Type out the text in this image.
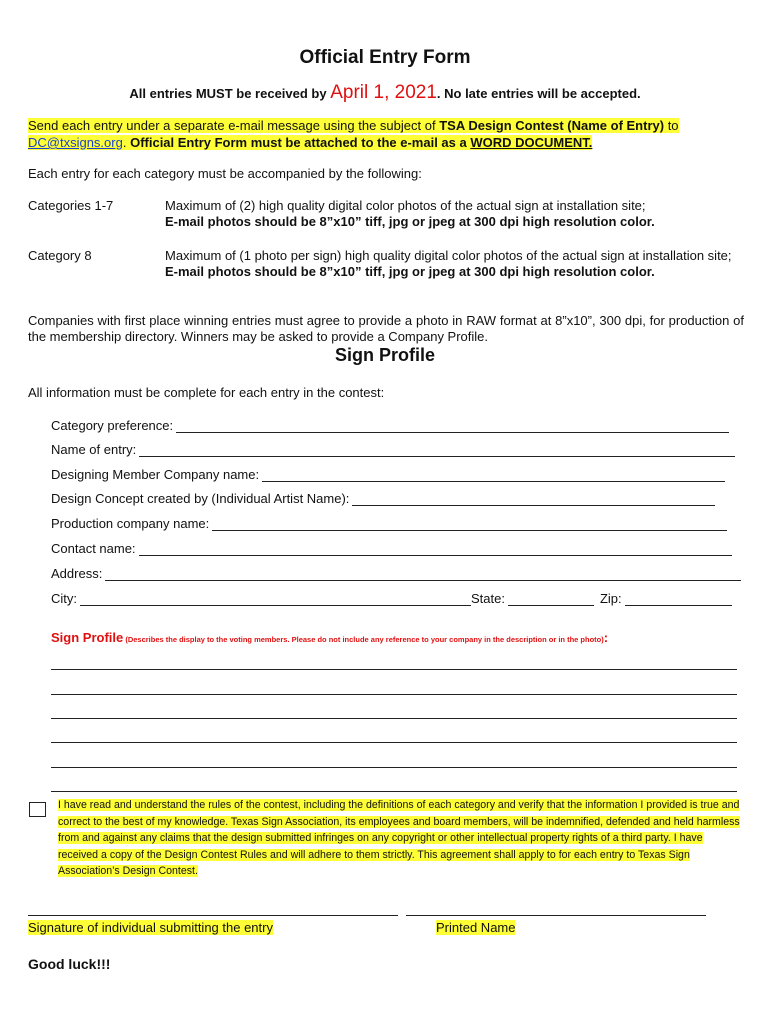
Official Entry Form
All entries MUST be received by April 1, 2021. No late entries will be accepted.
Send each entry under a separate e-mail message using the subject of TSA Design Contest (Name of Entry) to DC@txsigns.org. Official Entry Form must be attached to the e-mail as a WORD DOCUMENT.
Each entry for each category must be accompanied by the following:
Categories 1-7	Maximum of (2) high quality digital color photos of the actual sign at installation site;
E-mail photos should be 8”x10” tiff, jpg or jpeg at 300 dpi high resolution color.
Category 8	Maximum of (1 photo per sign) high quality digital color photos of the actual sign at installation site;
E-mail photos should be 8”x10” tiff, jpg or jpeg at 300 dpi high resolution color.
Companies with first place winning entries must agree to provide a photo in RAW format at 8”x10”, 300 dpi, for production of the membership directory. Winners may be asked to provide a Company Profile.
Sign Profile
All information must be complete for each entry in the contest:
Category preference:
Name of entry:
Designing Member Company name:
Design Concept created by (Individual Artist Name):
Production company name:
Contact name:
Address:
City:	State:	Zip:
Sign Profile (Describes the display to the voting members. Please do not include any reference to your company in the description or in the photo):
I have read and understand the rules of the contest, including the definitions of each category and verify that the information I provided is true and correct to the best of my knowledge. Texas Sign Association, its employees and board members, will be indemnified, defended and held harmless from and against any claims that the design submitted infringes on any copyright or other intellectual property rights of a third party. I have received a copy of the Design Contest Rules and will adhere to them strictly. This agreement shall apply to for each entry to Texas Sign Association’s Design Contest.
Signature of individual submitting the entry	Printed Name
Good luck!!!
